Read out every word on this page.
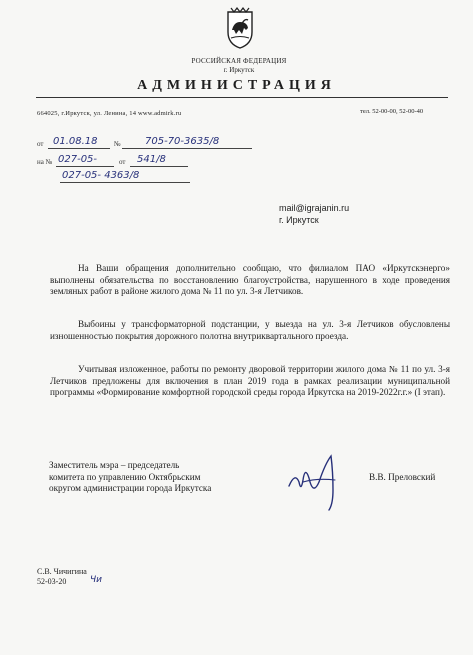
РОССИЙСКАЯ ФЕДЕРАЦИЯ
г. Иркутск
АДМИНИСТРАЦИЯ
664025, г.Иркутск, ул. Ленина, 14 www.admirk.ru	тел. 52-00-00, 52-00-40
от 01.08.18 № 705-70-3635/8
на № 027-05-	от 541/8
027-05- 4363/8
mail@igrajanin.ru
г. Иркутск

На Ваши обращения дополнительно сообщаю, что филиалом ПАО «Иркутскэнерго» выполнены обязательства по восстановлению благоустройства, нарушенного в ходе проведения земляных работ в районе жилого дома № 11 по ул. 3-я Летчиков.

Выбоины у трансформаторной подстанции, у выезда на ул. 3-я Летчиков обусловлены изношенностью покрытия дорожного полотна внутриквартального проезда.

Учитывая изложенное, работы по ремонту дворовой территории жилого дома № 11 по ул. 3-я Летчиков предложены для включения в план 2019 года в рамках реализации муниципальной программы «Формирование комфортной городской среды города Иркутска на 2019-2022г.г.» (I этап).

Заместитель мэра – председатель
комитета по управлению Октябрьским
округом администрации города Иркутска
В.В. Преловский
С.В. Чичигина
52-03-20	Чи
